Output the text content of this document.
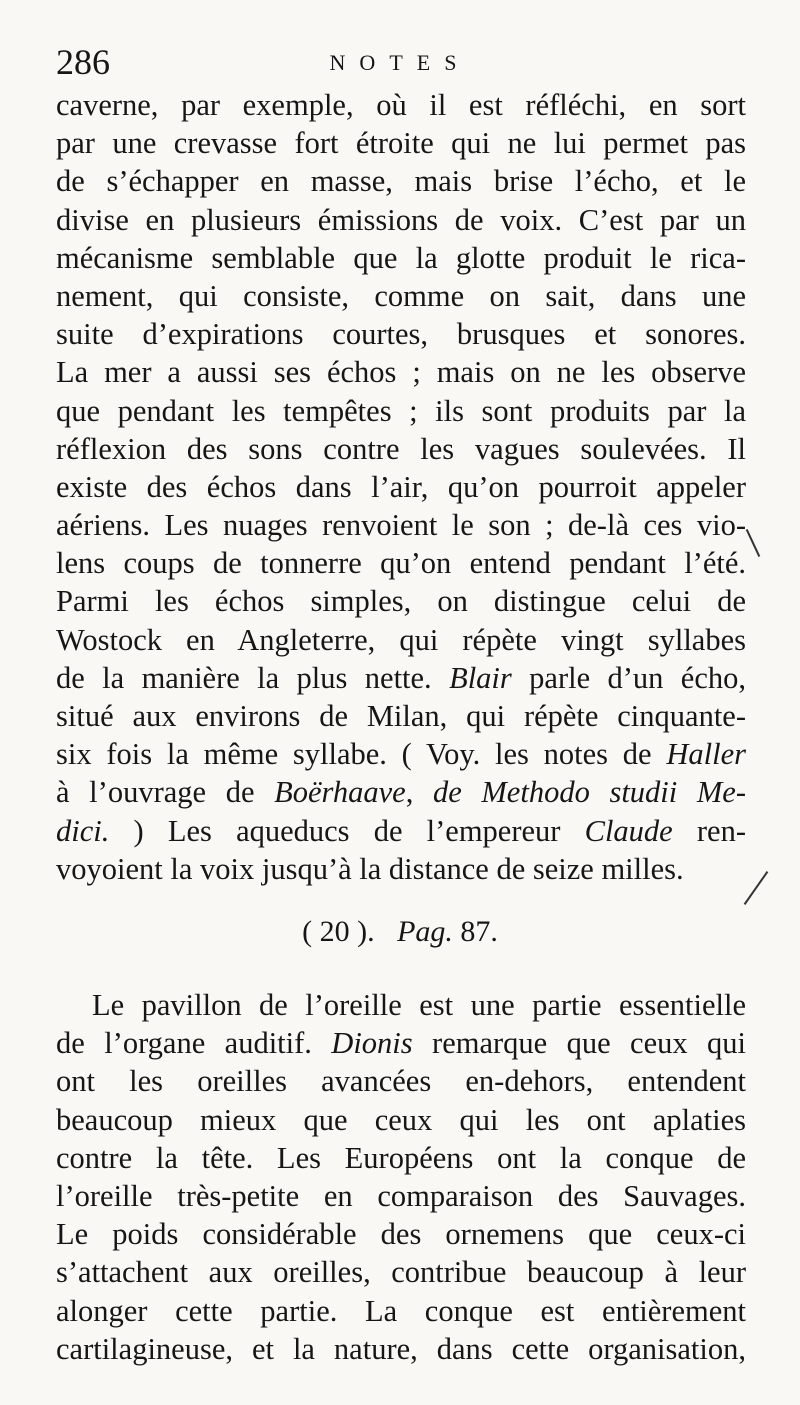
286	NOTES
caverne, par exemple, où il est réfléchi, en sort
par une crevasse fort étroite qui ne lui permet pas
de s’échapper en masse, mais brise l’écho, et le
divise en plusieurs émissions de voix. C’est par un
mécanisme semblable que la glotte produit le rica-
nement, qui consiste, comme on sait, dans une
suite d’expirations courtes, brusques et sonores.
La mer a aussi ses échos ; mais on ne les observe
que pendant les tempêtes ; ils sont produits par la
réflexion des sons contre les vagues soulevées. Il
existe des échos dans l’air, qu’on pourroit appeler
aériens. Les nuages renvoient le son ; de-là ces vio-
lens coups de tonnerre qu’on entend pendant l’été.
Parmi les échos simples, on distingue celui de
Wostock en Angleterre, qui répète vingt syllabes
de la manière la plus nette. Blair parle d’un écho,
situé aux environs de Milan, qui répète cinquante-
six fois la même syllabe. ( Voy. les notes de Haller
à l’ouvrage de Boërhaave, de Methodo studii Me-
dici. ) Les aqueducs de l’empereur Claude ren-
voyoient la voix jusqu’à la distance de seize milles.
( 20 ). Pag. 87.
Le pavillon de l’oreille est une partie essentielle
de l’organe auditif. Dionis remarque que ceux qui
ont les oreilles avancées en-dehors, entendent
beaucoup mieux que ceux qui les ont aplaties
contre la tête. Les Européens ont la conque de
l’oreille très-petite en comparaison des Sauvages.
Le poids considérable des ornemens que ceux-ci
s’attachent aux oreilles, contribue beaucoup à leur
alonger cette partie. La conque est entièrement
cartilagineuse, et la nature, dans cette organisation,
